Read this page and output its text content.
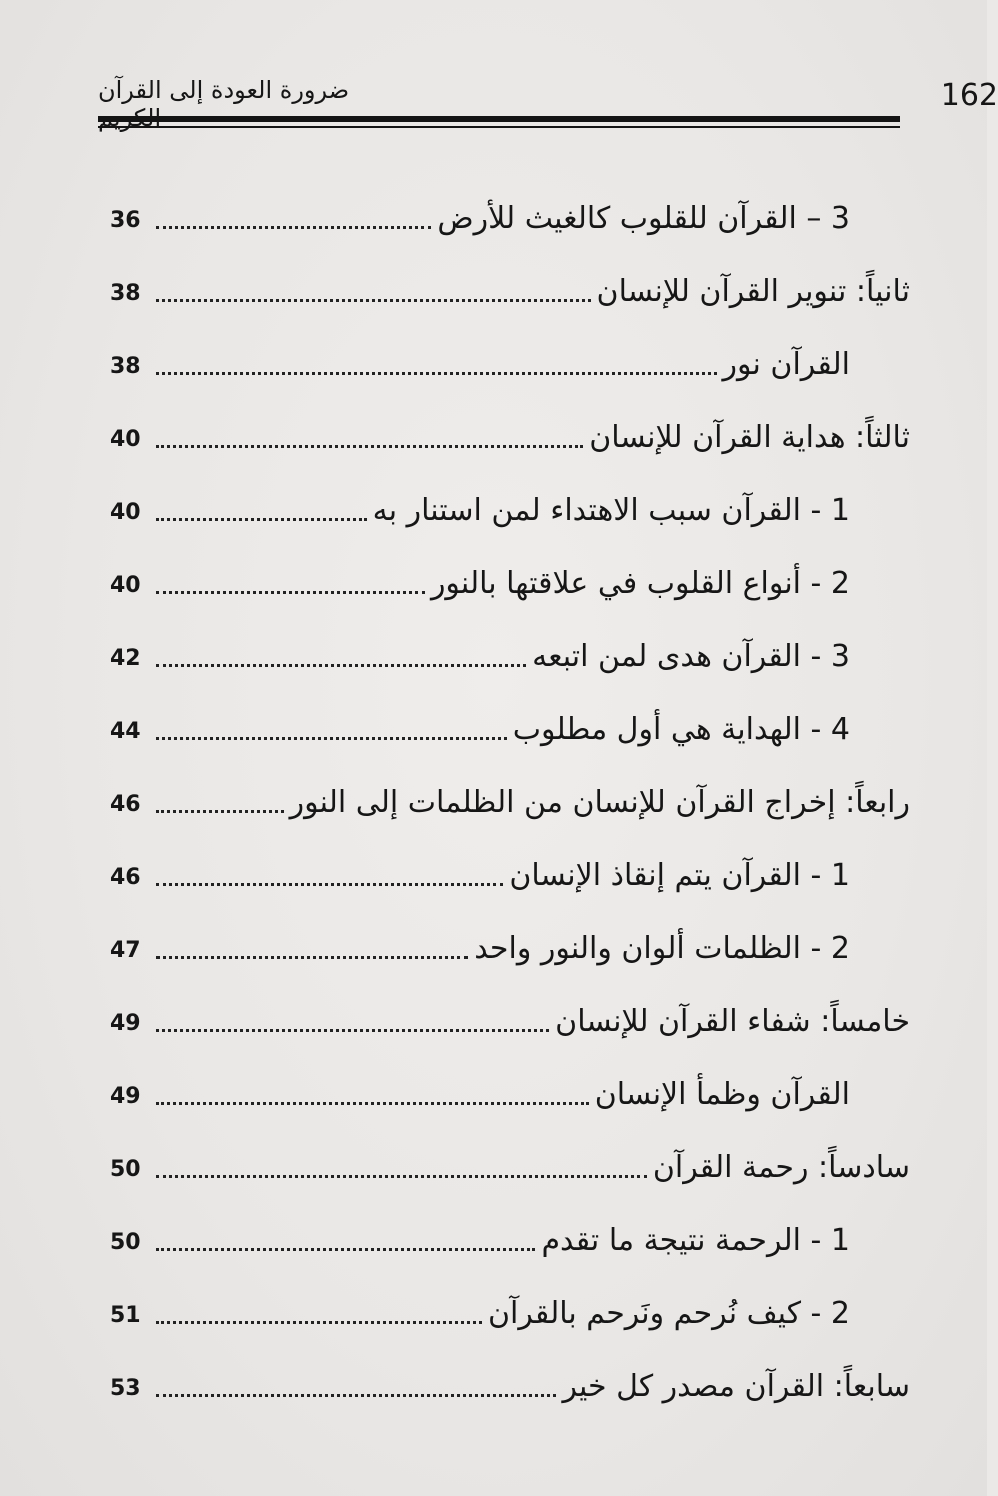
162
ضرورة العودة إلى القرآن
3 – القرآن للقلوب كالغيث للأرض
36
ثانياً: تنوير القرآن للإنسان
38
القرآن نور
38
ثالثاً: هداية القرآن للإنسان
40
1 - القرآن سبب الاهتداء لمن استنار به
40
2 - أنواع القلوب في علاقتها بالنور
40
3 - القرآن هدى لمن اتبعه
42
4 - الهداية هي أول مطلوب
44
رابعاً: إخراج القرآن للإنسان من الظلمات إلى النور
46
1 - القرآن يتم إنقاذ الإنسان
46
2 - الظلمات ألوان والنور واحد
47
خامساً: شفاء القرآن للإنسان
49
القرآن وظمأ الإنسان
49
سادساً: رحمة القرآن
50
1 - الرحمة نتيجة ما تقدم
50
2 - كيف نُرحم ونَرحم بالقرآن
51
سابعاً: القرآن مصدر كل خير
53
